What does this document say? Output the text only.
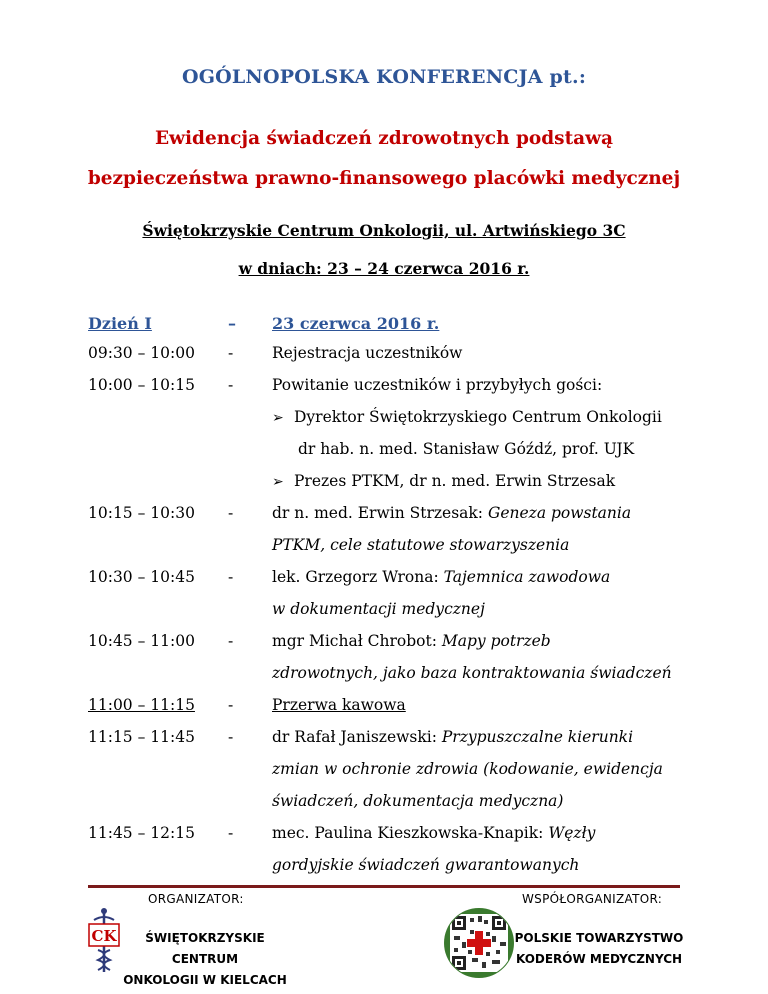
OGÓLNOPOLSKA KONFERENCJA pt.:
Ewidencja świadczeń zdrowotnych podstawą
bezpieczeństwa prawno-finansowego placówki medycznej
Świętokrzyskie Centrum Onkologii, ul. Artwińskiego 3C
w dniach: 23 – 24 czerwca 2016 r.
Dzień I	– 23 czerwca 2016 r.
09:30 – 10:00 -	Rejestracja uczestników
10:00 – 10:15 -	Powitanie uczestników i przybyłych gości:
➢ Dyrektor Świętokrzyskiego Centrum Onkologii
dr hab. n. med. Stanisław Góźdź, prof. UJK
➢ Prezes PTKM, dr n. med. Erwin Strzesak
10:15 – 10:30 -	dr n. med. Erwin Strzesak: Geneza powstania
PTKM, cele statutowe stowarzyszenia
10:30 – 10:45 -	lek. Grzegorz Wrona: Tajemnica zawodowa
w dokumentacji medycznej
10:45 – 11:00 -	mgr Michał Chrobot: Mapy potrzeb
zdrowotnych, jako baza kontraktowania świadczeń
11:00 – 11:15 -	Przerwa kawowa
11:15 – 11:45 -	dr Rafał Janiszewski: Przypuszczalne kierunki
zmian w ochronie zdrowia (kodowanie, ewidencja
świadczeń, dokumentacja medyczna)
11:45 – 12:15 -	mec. Paulina Kieszkowska-Knapik: Węzły
gordyjskie świadczeń gwarantowanych
ORGANIZATOR:	WSPÓŁORGANIZATOR:
ŚWIĘTOKRZYSKIE CENTRUM
ONKOLOGII W KIELCACH
POLSKIE TOWARZYSTWO
KODERÓW MEDYCZNYCH
CK
